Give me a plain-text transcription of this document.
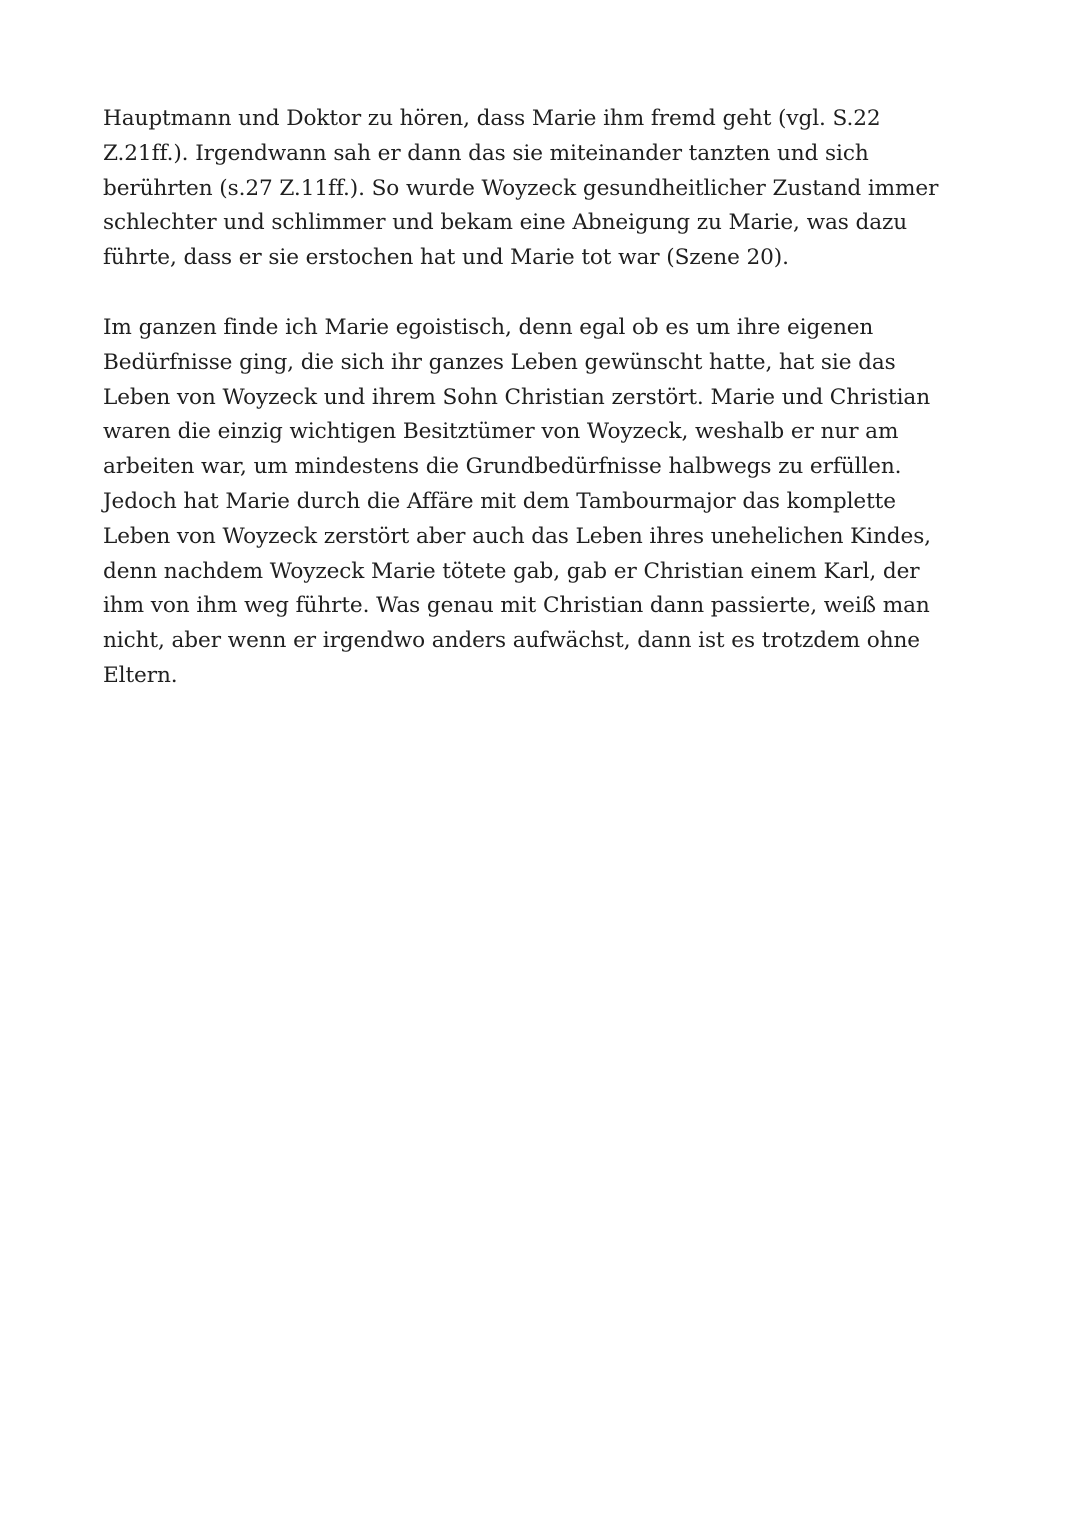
Hauptmann und Doktor zu hören, dass Marie ihm fremd geht (vgl. S.22
Z.21ff.). Irgendwann sah er dann das sie miteinander tanzten und sich
berührten (s.27 Z.11ff.). So wurde Woyzeck gesundheitlicher Zustand immer
schlechter und schlimmer und bekam eine Abneigung zu Marie, was dazu
führte, dass er sie erstochen hat und Marie tot war (Szene 20).
Im ganzen finde ich Marie egoistisch, denn egal ob es um ihre eigenen
Bedürfnisse ging, die sich ihr ganzes Leben gewünscht hatte, hat sie das
Leben von Woyzeck und ihrem Sohn Christian zerstört. Marie und Christian
waren die einzig wichtigen Besitztümer von Woyzeck, weshalb er nur am
arbeiten war, um mindestens die Grundbedürfnisse halbwegs zu erfüllen.
Jedoch hat Marie durch die Affäre mit dem Tambourmajor das komplette
Leben von Woyzeck zerstört aber auch das Leben ihres unehelichen Kindes,
denn nachdem Woyzeck Marie tötete gab, gab er Christian einem Karl, der
ihm von ihm weg führte. Was genau mit Christian dann passierte, weiß man
nicht, aber wenn er irgendwo anders aufwächst, dann ist es trotzdem ohne
Eltern.
